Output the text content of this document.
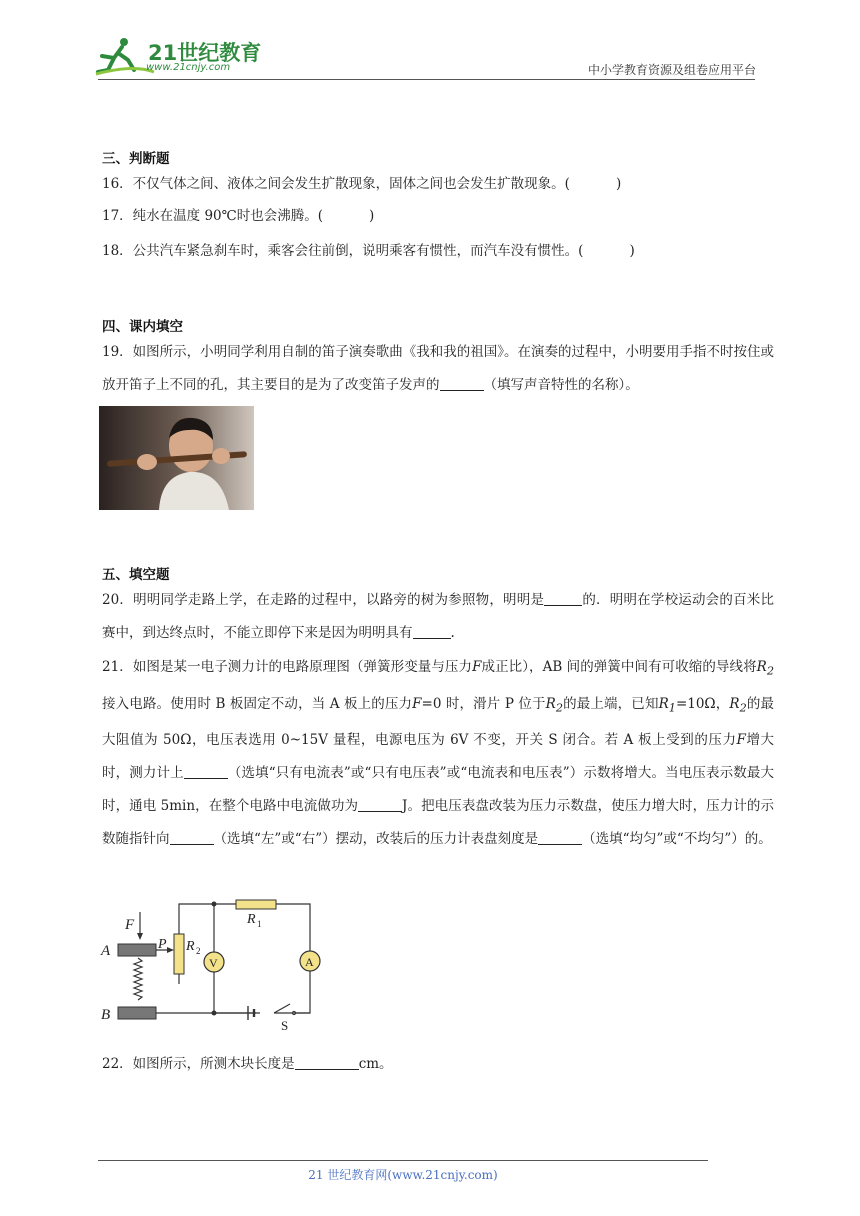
21世纪教育
www.21cnjy.com	中小学教育资源及组卷应用平台
三、判断题
16．不仅气体之间、液体之间会发生扩散现象，固体之间也会发生扩散现象。(	)
17．纯水在温度 90℃时也会沸腾。(	)
18．公共汽车紧急刹车时，乘客会往前倒，说明乘客有惯性，而汽车没有惯性。(	)
四、课内填空
19．如图所示，小明同学利用自制的笛子演奏歌曲《我和我的祖国》。在演奏的过程中，小明要用手指不时按住或放开笛子上不同的孔，其主要目的是为了改变笛子发声的	（填写声音特性的名称）。
五、填空题
20．明明同学走路上学，在走路的过程中，以路旁的树为参照物，明明是	的．明明在学校运动会的百米比赛中，到达终点时，不能立即停下来是因为明明具有	.
21．如图是某一电子测力计的电路原理图（弹簧形变量与压力F成正比），AB 间的弹簧中间有可收缩的导线将$R_2$接入电路。使用时 B 板固定不动，当 A 板上的压力F=0 时，滑片 P 位于$R_2$的最上端，已知$R_1=10\Omega$，$R_2$的最大阻值为 50Ω，电压表选用 0~15V 量程，电源电压为 6V 不变，开关 S 闭合。若 A 板上受到的压力F增大时，测力计上	（选填“只有电流表”或“只有电压表”或“电流表和电压表”）示数将增大。当电压表示数最大时，通电 5min，在整个电路中电流做功为	J。把电压表盘改装为压力示数盘，使压力增大时，压力计的示数随指针向	（选填“左”或“右”）摆动，改装后的压力计表盘刻度是	（选填“均匀”或“不均匀”）的。
F
A
B
P R 2
R 1
V	A
S
22．如图所示，所测木块长度是	cm。
21 世纪教育网(www.21cnjy.com)
